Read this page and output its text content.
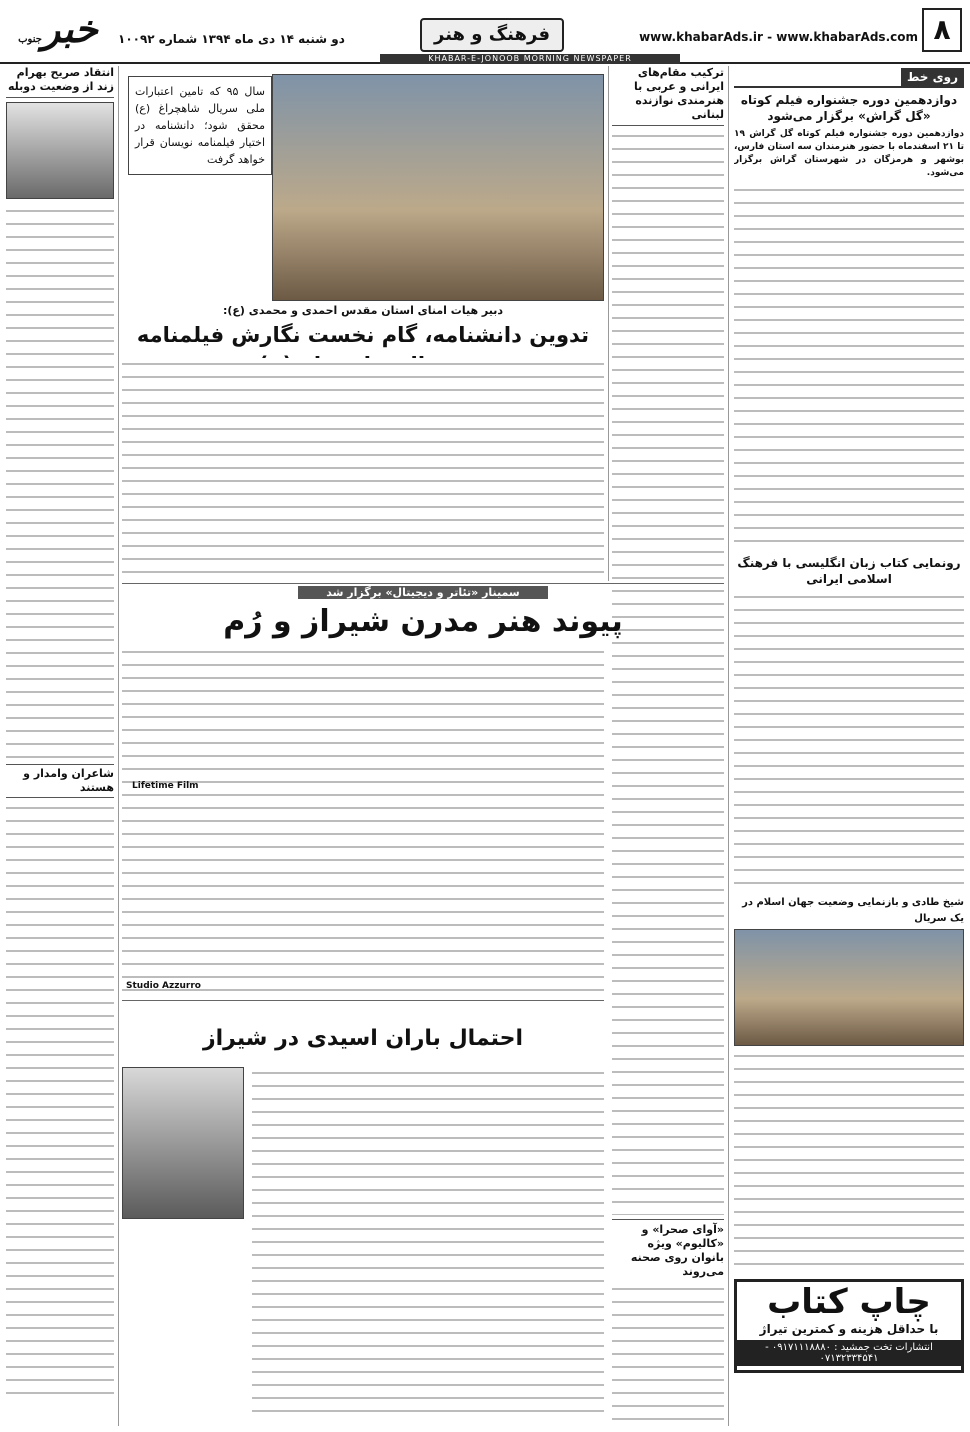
۸
www.khabarAds.ir - www.khabarAds.com
فرهنگ و هنر
دو شنبه ۱۴ دی ماه ۱۳۹۴ شماره ۱۰۰۹۲
خبرجنوب
KHABAR-E-JONOOB MORNING NEWSPAPER
روی خط
دوازدهمین دوره جشنواره فیلم کوتاه «گل گراش» برگزار می‌شود
دوازدهمین دوره جشنواره فیلم کوتاه گل گراش ۱۹ تا ۲۱ اسفندماه با حضور هنرمندان سه استان فارس، بوشهر و هرمزگان در شهرستان گراش برگزار می‌شود.
رونمایی کتاب زبان انگلیسی با فرهنگ اسلامی ایرانی
شیخ‌ طادی و بازنمایی وضعیت جهان اسلام در یک سریال
چاپ کتاب
با حداقل هزینه و کمترین تیراژ
انتشارات تخت جمشید : ۰۹۱۷۱۱۱۸۸۸۰ - ۰۷۱۳۲۳۳۴۵۴۱
ترکیب مقام‌های ایرانی و عربی با هنرمندی نوازنده لبنانی
«آوای صحرا» و «کالیوم» ویژه بانوان روی صحنه می‌روند
سال ۹۵ که تامین اعتبارات ملی سریال شاهچراغ (ع) محقق شود؛ دانشنامه در اختیار فیلمنامه نویسان قرار خواهد گرفت
دبیر هیات امنای استان مقدس احمدی و محمدی (ع):
تدوین دانشنامه، گام نخست نگارش فیلمنامه
سمینار «تئاتر و دیجیتال» برگزار شد
پیوند هنر مدرن شیراز و رُم
Studio Azzurro
Lifetime Film
احتمال باران اسیدی در شیراز
انتقاد صریح بهرام زند از وضعیت دوبله
شاعران وامدار و هستند
